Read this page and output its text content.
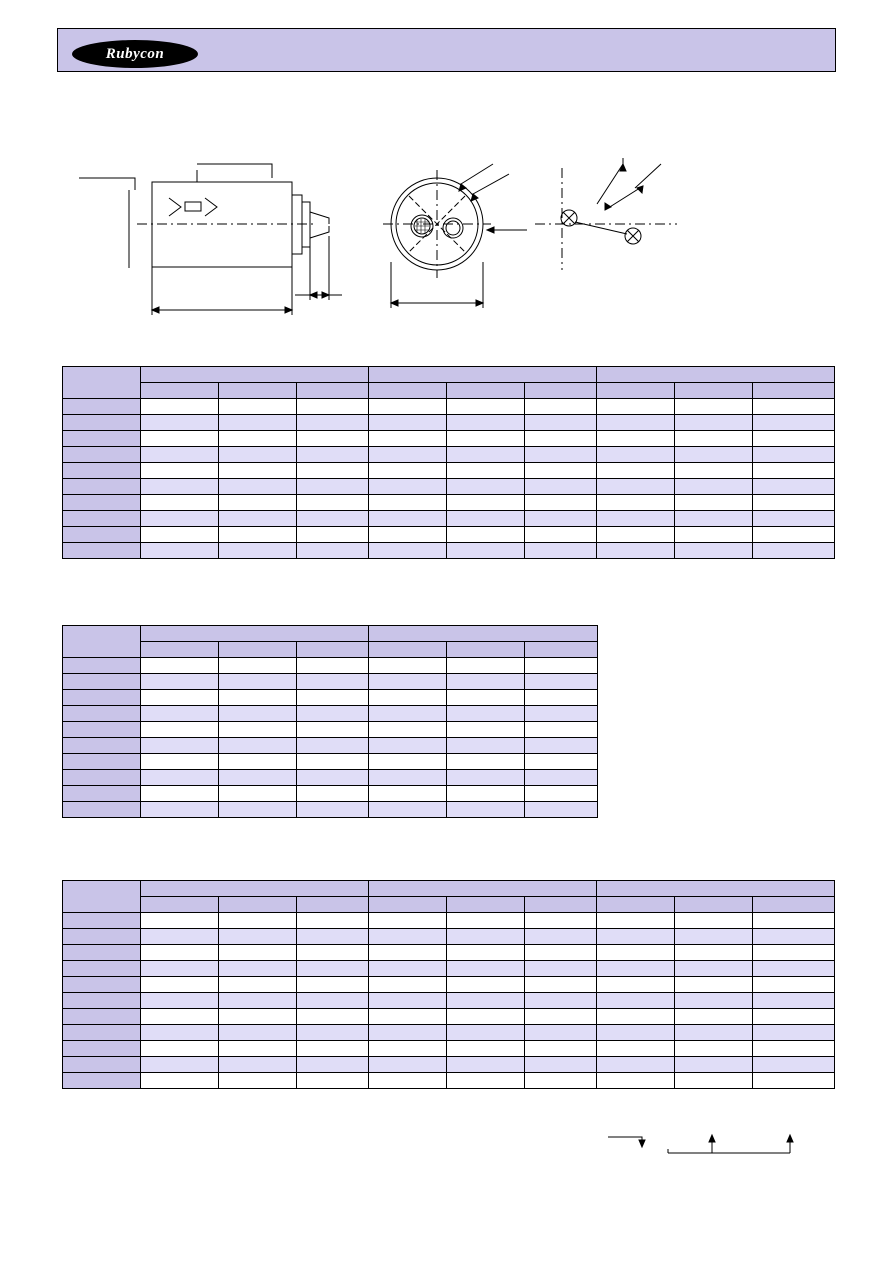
Rubycon
